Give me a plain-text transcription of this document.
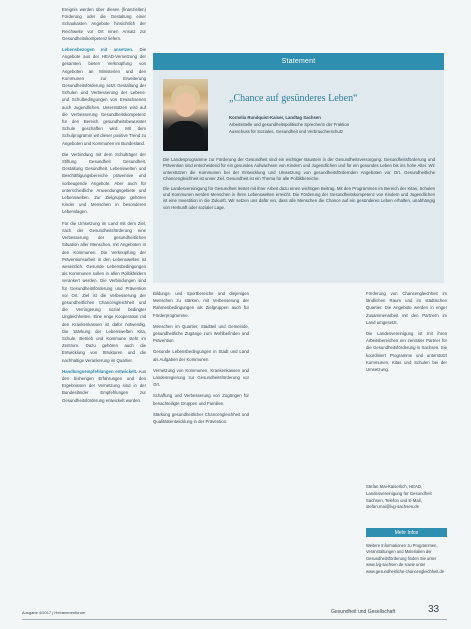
Ereignis werden über diesen (finanziellen) Förderung oder die Gestaltung einer Schaukasten Angebote hinsichtlich der Reichweite vor Ort einen Ansatz zur Gesundheitskompetenz liefern.

Lebensbezogen mit ansetzen. Die Angebote aus der HEAD-Vernetzung der gesamten bieten Verknüpfung von Angeboten an Ministerien und den Kommunen zur Erweiterung Gesundheitsförderung setzt Gestaltung der Schulen und Verbesserung der Lebens- und Schulbedingungen von Erwachsenen auch Jugendlichen. Unterstützen wird auf die Verbesserung Gesundheitskompetenz für den Bereich gesundheitsbewusster Schule geschaffen wird. Mit dem Schulprogramm wir dieser positive Trend zu Angeboten und Kommunen im Bundesland.

Die Verbindung mit dem Schulträger der Stiftung Gesundheit Gesundheit, Gestaltung Gesundheit. Lebenswelten und Beschäftigungsbereiche präventive und vorbeugende Angebote. Aber auch für unterschiedliche Anwendungsgebiete und Lebenswelten. Zur Zielgruppe gehören Kinder und Menschen in besonderen Lebenslagen.

Für die Umsetzung im Land mit dem Ziel, nach der Gesundheitsförderung eine Verbesserung der gesundheitlichen Situation aller Menschen, mit Angeboten in den Kommunen. Die Verknüpfung der Präventionsarbeit in den Lebenswelten ist wesentlich. Gesunde Lebensbedingungen als Kommunen sollen in allen Politikfeldern verankert werden. Die Verbindungen sind für Gesundheitsförderung und Prävention vor Ort. Ziel ist die Verbesserung der gesundheitlichen Chancengleichheit und die Verringerung sozial bedingter Ungleichheiten. Eine enge Kooperation mit den Krankenkassen ist dafür notwendig. Die Stärkung der Lebenswelten Kita, Schule, Betrieb und Kommune steht im Zentrum. Dazu gehören auch die Entwicklung von Strukturen und die nachhaltige Verankerung im Quartier.

Handlungsempfehlungen entwickelt. Aus den bisherigen Erfahrungen und den Ergebnissen der Vernetzung sind in der Bundesländer Empfehlungen zur Gesundheitsförderung entwickelt worden.

Statement
„Chance auf gesünderes Leben“
Kornelia Rundquist-Kaiser, Landtag Sachsen
Arbeitsstelle und gesundheitspolitische Sprecherin der Fraktion
Ausschuss für Soziales, Gesundheit und Verbraucherschutz

Die Landesprogramme zur Förderung der Gesundheit sind ein wichtiger Baustein in der Gesundheitsversorgung. Gesundheitsförderung und Prävention sind entscheidend für ein gesundes Aufwachsen von Kindern und Jugendlichen und für ein gesundes Leben bis ins hohe Alter. Wir unterstützen die Kommunen bei der Entwicklung und Umsetzung von gesundheitsfördernden Angeboten vor Ort. Gesundheitliche Chancengleichheit ist unser Ziel. Gesundheit ist ein Thema für alle Politikbereiche.

Die Landesvereinigung für Gesundheit leistet mit ihrer Arbeit dazu einen wichtigen Beitrag. Mit den Programmen im Bereich der Kitas, Schulen und Kommunen werden Menschen in ihren Lebenswelten erreicht. Die Förderung der Gesundheitskompetenz von Kindern und Jugendlichen ist eine Investition in die Zukunft. Wir setzen uns dafür ein, dass alle Menschen die Chance auf ein gesünderes Leben erhalten, unabhängig von Herkunft oder sozialer Lage.

Bildungs- und Sportbereiche und diejenigen Menschen zu stärken, mit Verbesserung der Rahmenbedingungen als Zielgruppen auch für Förderprogramme.

Menschen im Quartier, Stadtteil und Gemeinde, gesundheitliche Zugänge zum Wohlbefinden und Prävention.

Gesunde Lebensbedingungen in Stadt und Land als Aufgaben der Kommunen.

Vernetzung von Kommunen, Krankenkassen und Landesregierung zur Gesundheitsförderung vor Ort.

Schaffung und Verbesserung von Zugängen für benachteiligte Gruppen und Familien.

Stärkung gesundheitlicher Chancengleichheit und Qualitätsentwicklung in der Prävention.

Förderung von Chancengleichheit im ländlichen Raum und im städtischen Quartier. Die Angebote werden in enger Zusammenarbeit mit den Partnern im Land umgesetzt.

Die Landesvereinigung ist mit ihren Arbeitsbereichen ein zentraler Partner für die Gesundheitsförderung in Sachsen. Sie koordiniert Programme und unterstützt Kommunen, Kitas und Schulen bei der Umsetzung.

Stefan Mai-Kaiserlich, HEAD, Landesvereinigung für Gesundheit Sachsen, Telefon und E-Mail, stefan.mai@lvg-sachsen.de
Mehr Infos
Weitere Informationen zu Programmen, Veranstaltungen und Materialien der Gesundheitsförderung finden Sie unter www.lvg-sachsen.de sowie unter www.gesundheitliche-chancengleichheit.de
Ausgabe 4/2017 | Hebammenforum	Gesundheit und Gesellschaft	33
